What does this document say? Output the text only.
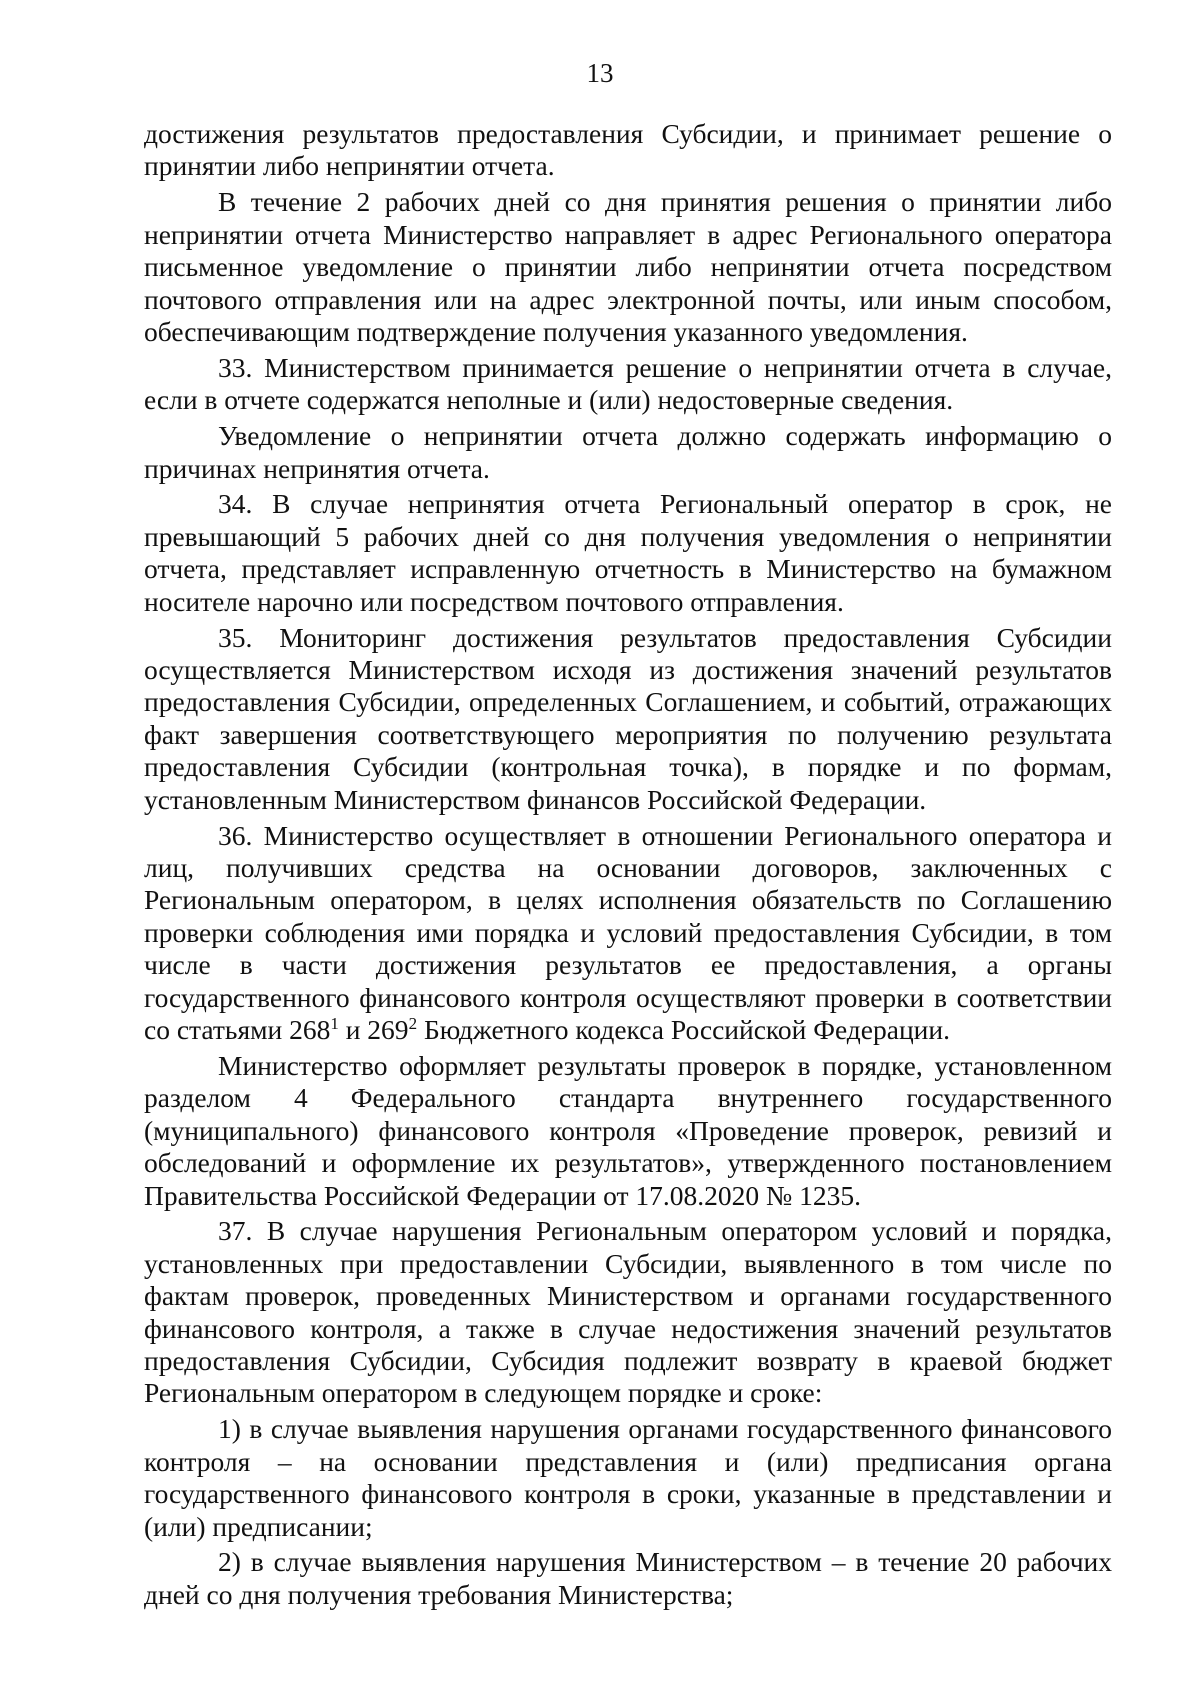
13

достижения результатов предоставления Субсидии, и принимает решение о принятии либо непринятии отчета.

В течение 2 рабочих дней со дня принятия решения о принятии либо непринятии отчета Министерство направляет в адрес Регионального оператора письменное уведомление о принятии либо непринятии отчета посредством почтового отправления или на адрес электронной почты, или иным способом, обеспечивающим подтверждение получения указанного уведомления.

33. Министерством принимается решение о непринятии отчета в случае, если в отчете содержатся неполные и (или) недостоверные сведения.

Уведомление о непринятии отчета должно содержать информацию о причинах непринятия отчета.

34. В случае непринятия отчета Региональный оператор в срок, не превышающий 5 рабочих дней со дня получения уведомления о непринятии отчета, представляет исправленную отчетность в Министерство на бумажном носителе нарочно или посредством почтового отправления.

35. Мониторинг достижения результатов предоставления Субсидии осуществляется Министерством исходя из достижения значений результатов предоставления Субсидии, определенных Соглашением, и событий, отражающих факт завершения соответствующего мероприятия по получению результата предоставления Субсидии (контрольная точка), в порядке и по формам, установленным Министерством финансов Российской Федерации.

36. Министерство осуществляет в отношении Регионального оператора и лиц, получивших средства на основании договоров, заключенных с Региональным оператором, в целях исполнения обязательств по Соглашению проверки соблюдения ими порядка и условий предоставления Субсидии, в том числе в части достижения результатов ее предоставления, а органы государственного финансового контроля осуществляют проверки в соответствии со статьями $268^1$ и $269^2$ Бюджетного кодекса Российской Федерации.

Министерство оформляет результаты проверок в порядке, установленном разделом 4 Федерального стандарта внутреннего государственного (муниципального) финансового контроля «Проведение проверок, ревизий и обследований и оформление их результатов», утвержденного постановлением Правительства Российской Федерации от 17.08.2020 № 1235.

37. В случае нарушения Региональным оператором условий и порядка, установленных при предоставлении Субсидии, выявленного в том числе по фактам проверок, проведенных Министерством и органами государственного финансового контроля, а также в случае недостижения значений результатов предоставления Субсидии, Субсидия подлежит возврату в краевой бюджет Региональным оператором в следующем порядке и сроке:

1) в случае выявления нарушения органами государственного финансового контроля – на основании представления и (или) предписания органа государственного финансового контроля в сроки, указанные в представлении и (или) предписании;

2) в случае выявления нарушения Министерством – в течение 20 рабочих дней со дня получения требования Министерства;
